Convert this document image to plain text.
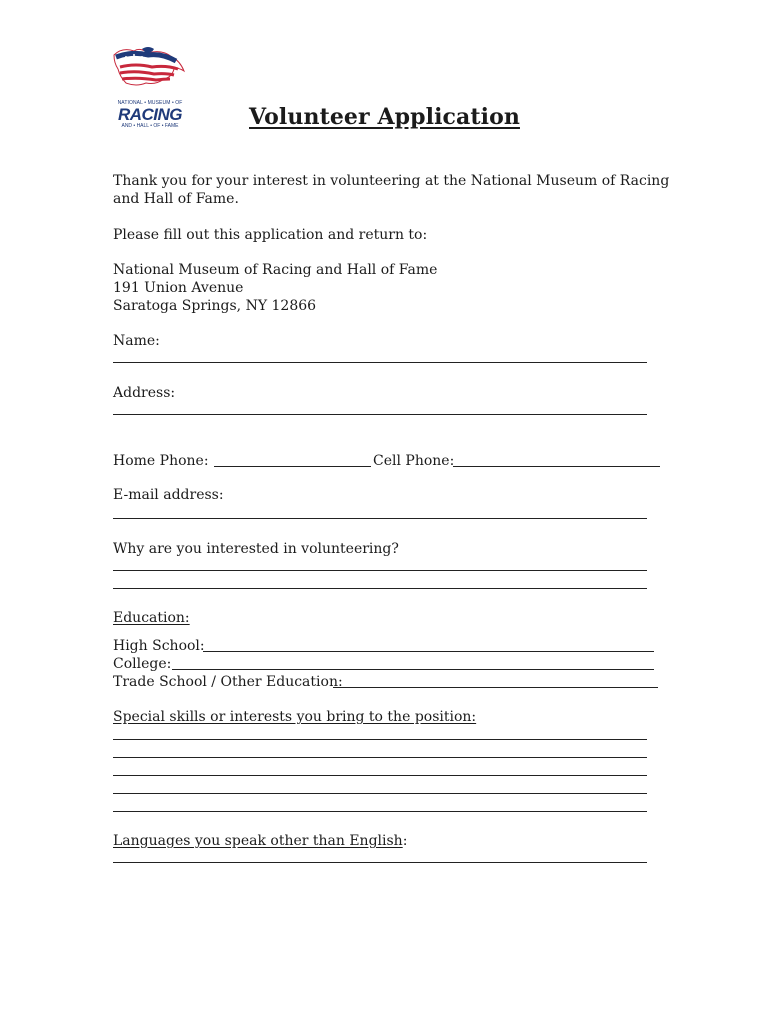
NATIONAL • MUSEUM • OF
RACING
AND • HALL • OF • FAME	Volunteer Application
Thank you for your interest in volunteering at the National Museum of Racing
and Hall of Fame.
Please fill out this application and return to:
National Museum of Racing and Hall of Fame
191 Union Avenue
Saratoga Springs, NY 12866
Name:
Address:
Home Phone:	Cell Phone:
E-mail address:
Why are you interested in volunteering?
Education:
High School:
College:
Trade School / Other Education:
Special skills or interests you bring to the position:
Languages you speak other than English:
